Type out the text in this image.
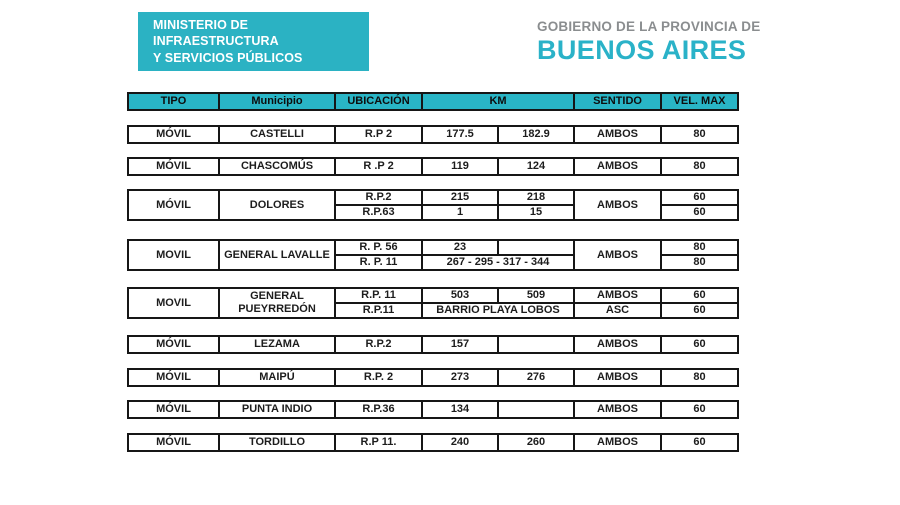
MINISTERIO DE INFRAESTRUCTURA
Y SERVICIOS PÚBLICOS
GOBIERNO DE LA PROVINCIA DE
BUENOS AIRES
TIPO	Municipio	UBICACIÓN	KM	SENTIDO	VEL. MAX
MÓVIL	CASTELLI	R.P 2	177.5	182.9	AMBOS	80
MÓVIL	CHASCOMÚS	R .P 2	119	124	AMBOS	80
MÓVIL	DOLORES	R.P.2	215	218	AMBOS	60
		R.P.63	1	15		60
MOVIL	GENERAL LAVALLE	R. P. 56	23		AMBOS	80
		R. P. 11	267 - 295 - 317 - 344			80
MOVIL	GENERAL PUEYRREDÓN	R.P. 11	503	509	AMBOS	60
		R.P.11	BARRIO PLAYA LOBOS		ASC	60
MÓVIL	LEZAMA	R.P.2	157		AMBOS	60
MÓVIL	MAIPÚ	R.P. 2	273	276	AMBOS	80
MÓVIL	PUNTA INDIO	R.P.36	134		AMBOS	60
MÓVIL	TORDILLO	R.P 11.	240	260	AMBOS	60
